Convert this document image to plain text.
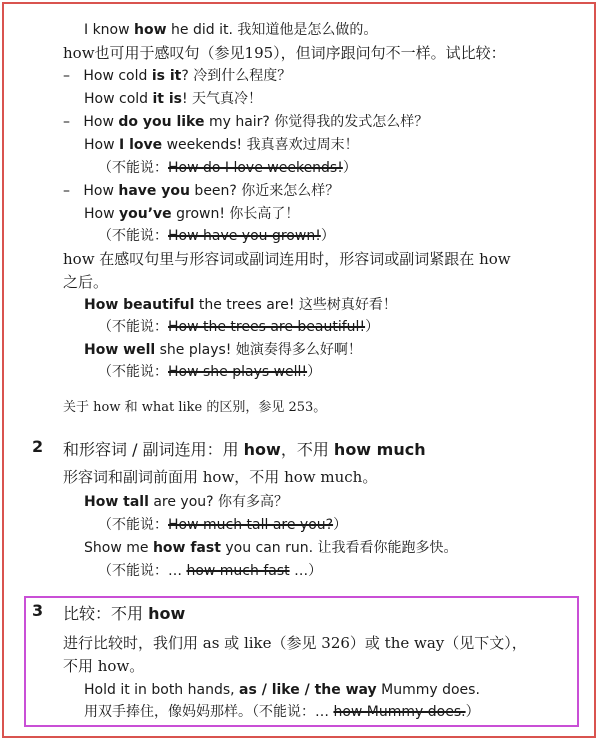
I know how he did it. 我知道他是怎么做的。
how也可用于感叹句（参见195），但词序跟问句不一样。试比较：
– How cold is it? 冷到什么程度？
How cold it is! 天气真冷！
– How do you like my hair? 你觉得我的发式怎么样？
How I love weekends! 我真喜欢过周末！
（不能说：How do I love weekends!）
– How have you been? 你近来怎么样？
How you’ve grown! 你长高了！
（不能说：How have you grown!）
how 在感叹句里与形容词或副词连用时，形容词或副词紧跟在 how
之后。
How beautiful the trees are! 这些树真好看！
（不能说：How the trees are beautiful!）
How well she plays! 她演奏得多么好啊！
（不能说：How she plays well!）
关于 how 和 what like 的区别，参见 253。
2 和形容词 / 副词连用：用 how，不用 how much
形容词和副词前面用 how，不用 how much。
How tall are you? 你有多高？
（不能说：How much tall are you?）
Show me how fast you can run. 让我看看你能跑多快。
（不能说：… how much fast …）
3 比较：不用 how
进行比较时，我们用 as 或 like（参见 326）或 the way（见下文），
不用 how。
Hold it in both hands, as / like / the way Mummy does.
用双手捧住，像妈妈那样。（不能说：… how Mummy does.）
